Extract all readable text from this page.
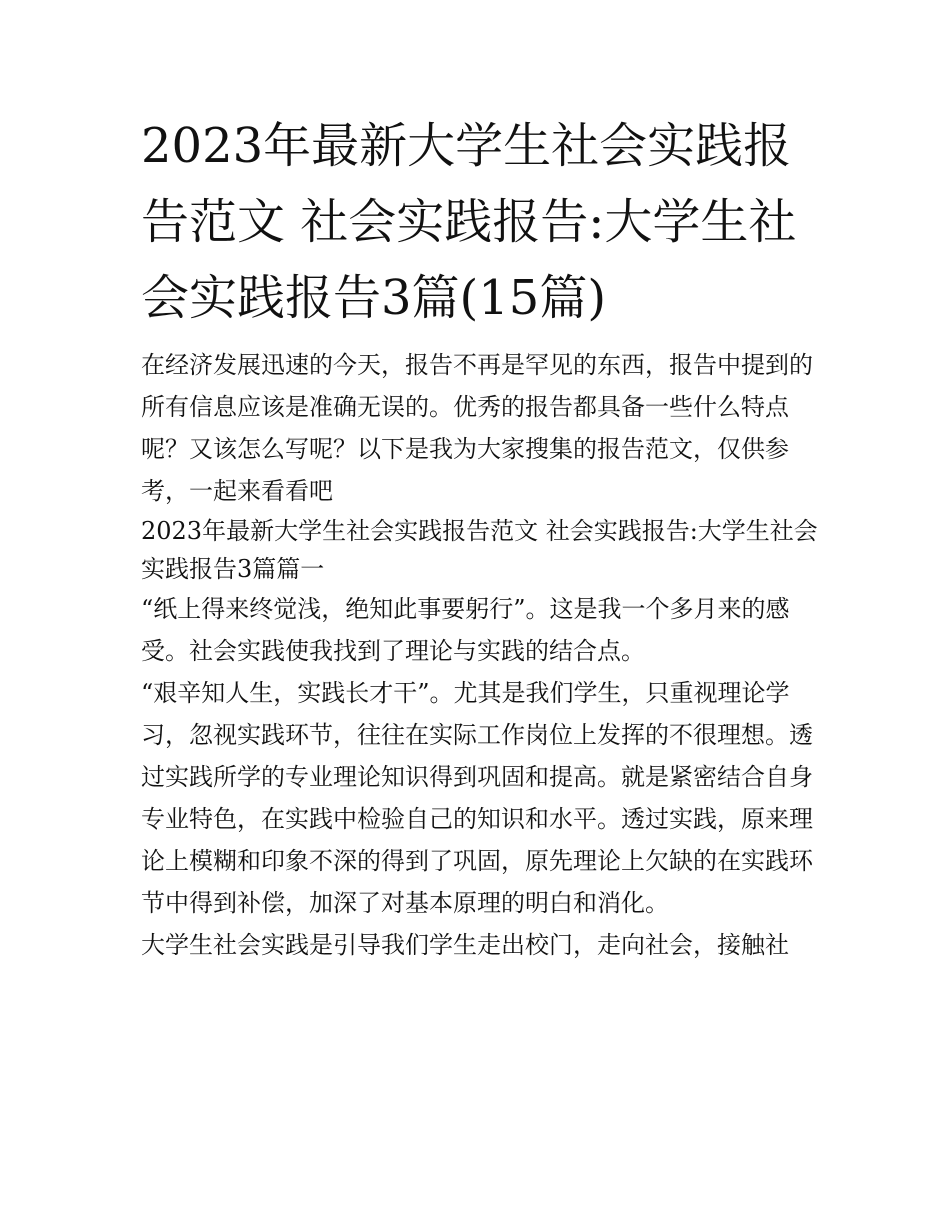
2023年最新大学生社会实践报告范文 社会实践报告:大学生社会实践报告3篇(15篇)

在经济发展迅速的今天，报告不再是罕见的东西，报告中提到的所有信息应该是准确无误的。优秀的报告都具备一些什么特点呢？又该怎么写呢？以下是我为大家搜集的报告范文，仅供参考，一起来看看吧

2023年最新大学生社会实践报告范文 社会实践报告:大学生社会实践报告3篇篇一

“纸上得来终觉浅，绝知此事要躬行”。这是我一个多月来的感受。社会实践使我找到了理论与实践的结合点。

“艰辛知人生，实践长才干”。尤其是我们学生，只重视理论学习，忽视实践环节，往往在实际工作岗位上发挥的不很理想。透过实践所学的专业理论知识得到巩固和提高。就是紧密结合自身专业特色，在实践中检验自己的知识和水平。透过实践，原来理论上模糊和印象不深的得到了巩固，原先理论上欠缺的在实践环节中得到补偿，加深了对基本原理的明白和消化。

大学生社会实践是引导我们学生走出校门，走向社会，接触社
